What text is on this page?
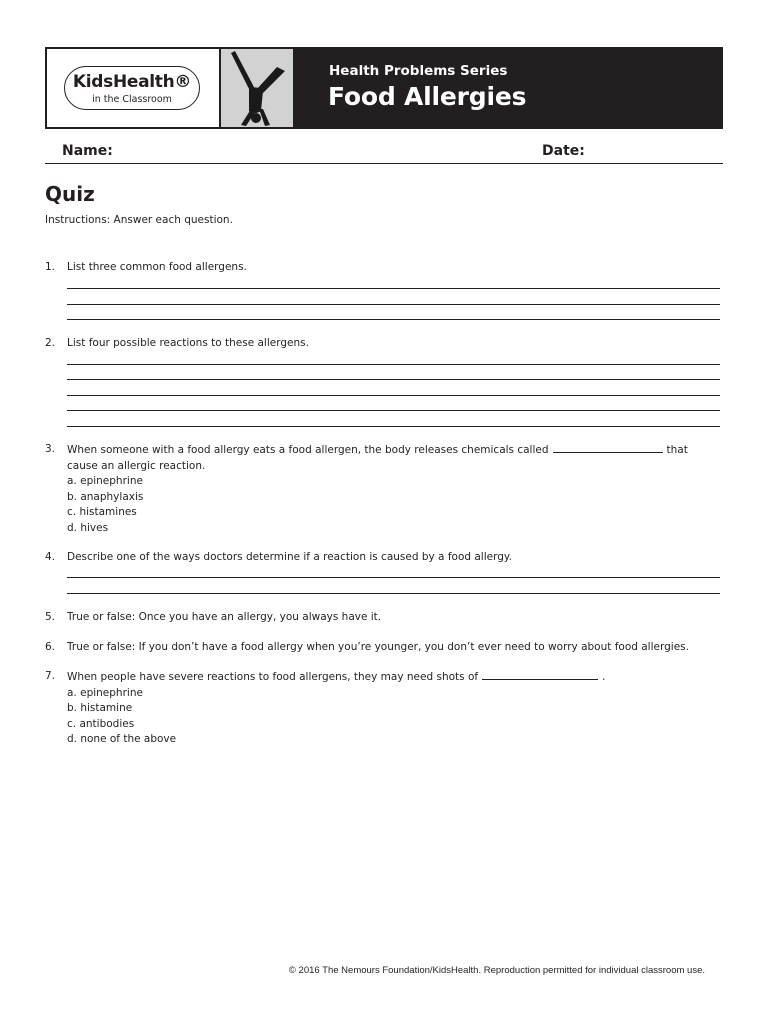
KidsHealth®
in the Classroom
Health Problems Series
Food Allergies
Name:	Date:
Quiz
Instructions: Answer each question.
1. List three common food allergens.
2. List four possible reactions to these allergens.
3. When someone with a food allergy eats a food allergen, the body releases chemicals called	that cause an allergic reaction.
a. epinephrine
b. anaphylaxis
c. histamines
d. hives
4. Describe one of the ways doctors determine if a reaction is caused by a food allergy.
5. True or false: Once you have an allergy, you always have it.
6. True or false: If you don’t have a food allergy when you’re younger, you don’t ever need to worry about food allergies.
7. When people have severe reactions to food allergens, they may need shots of	.
a. epinephrine
b. histamine
c. antibodies
d. none of the above
© 2016 The Nemours Foundation/KidsHealth. Reproduction permitted for individual classroom use.
